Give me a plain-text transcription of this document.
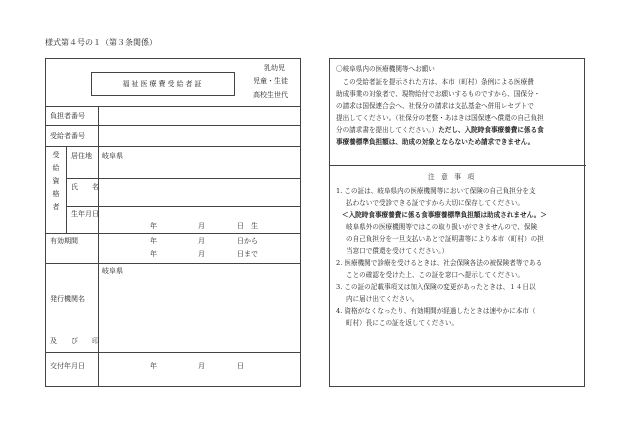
様式第４号の１（第３条関係）
福祉医療費受給者証
乳幼児
児童・生徒
高校生世代
負担者番号
受給者番号
受給資格者
居住地 岐阜県
氏　　名
生年月日
年	月	日　生
有効期間	年	月	日から
年	月	日まで
岐阜県
発行機関名
及　　び　　印
交付年月日	年	月	日
〇岐阜県内の医療機関等へお願い
　この受給者証を提示された方は、本市（町村）条例による医療費
助成事業の対象者で、現物給付でお願いするものですから、国保分・
の請求は国保連合会へ、社保分の請求は支払基金へ併用レセプトで
提出してください。（社保分の老整・あはきは国保連へ償還の自己負担
分の請求書を提出してください。）ただし、入院時食事療養費に係る食
事療養標準負担額は、助成の対象とならないため請求できません。
注　意　事　項
1. この証は、岐阜県内の医療機関等において保険の自己負担分を支
払わないで受診できる証ですから大切に保存してください。
＜入院時食事療養費に係る食事療養標準負担額は助成されません。＞
岐阜県外の医療機関等ではこの取り扱いができませんので、保険
の自己負担分を一旦支払いあとで証明書等により本市（町村）の担
当窓口で償還を受けてください。）
2. 医療機関で診療を受けるときは、社会保険各法の被保険者等である
ことの確認を受けた上、この証を窓口へ提示してください。
3. この証の記載事項又は加入保険の変更があったときは、１４日以
内に届け出てください。
4. 資格がなくなったり、有効期間が経過したときは速やかに本市（
町村）長にこの証を返してください。
